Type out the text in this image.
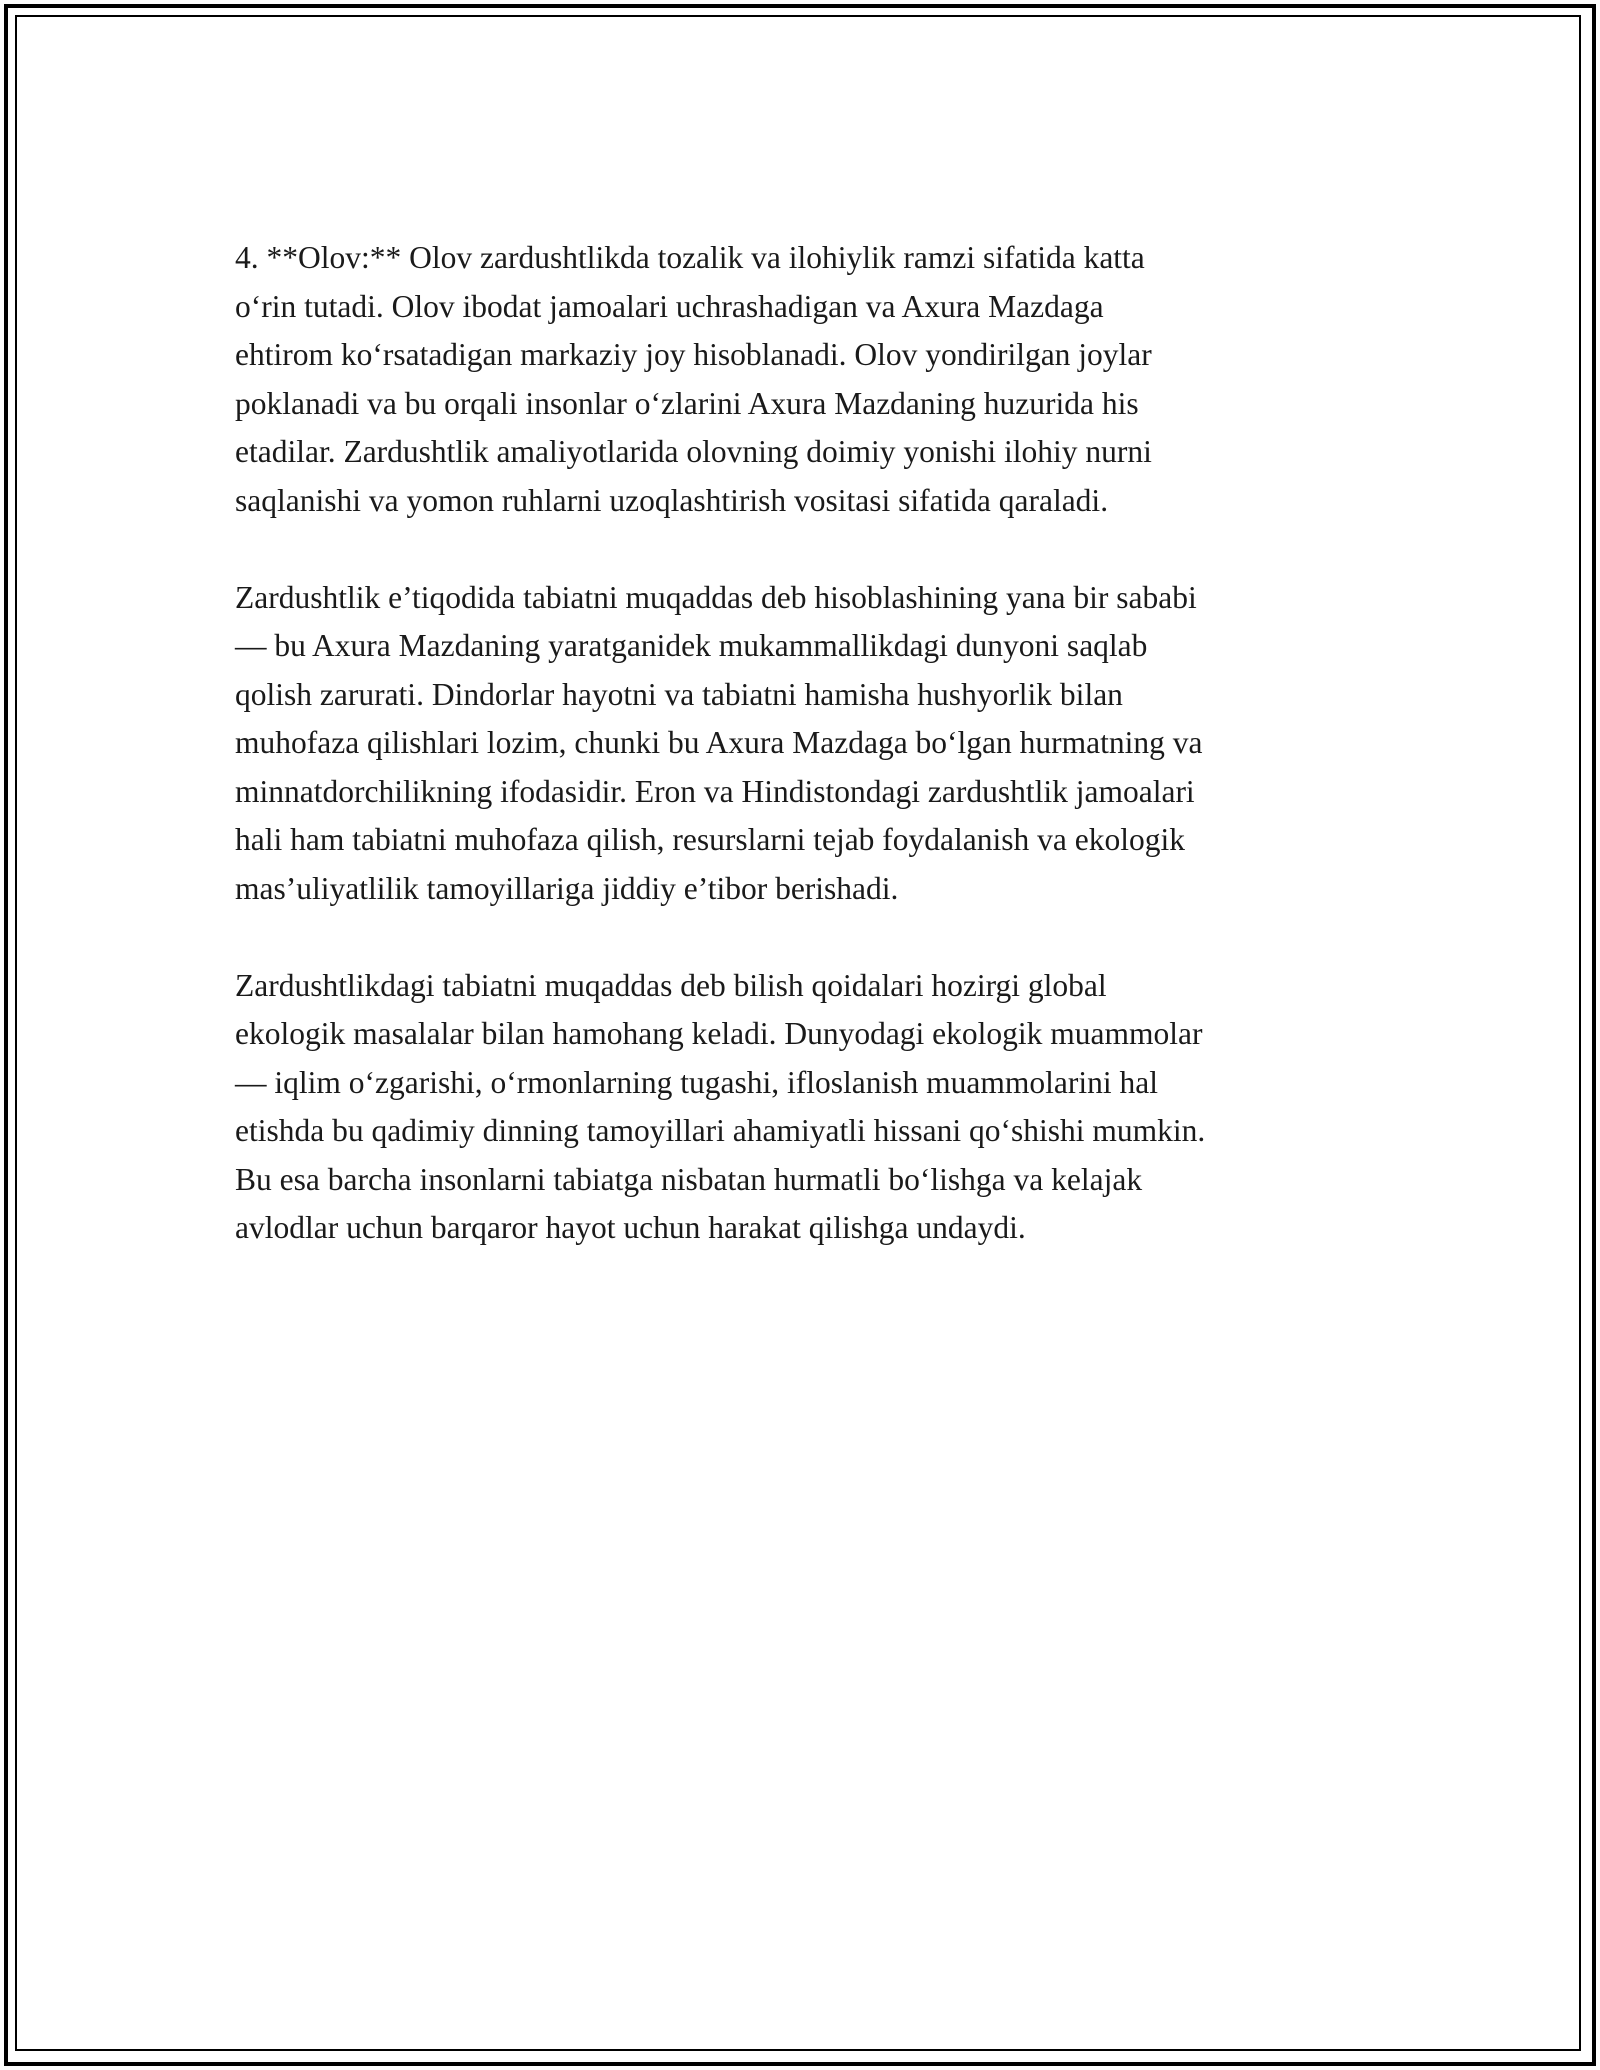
4. **Olov:** Olov zardushtlikda tozalik va ilohiylik ramzi sifatida katta
o‘rin tutadi. Olov ibodat jamoalari uchrashadigan va Axura Mazdaga
ehtirom ko‘rsatadigan markaziy joy hisoblanadi. Olov yondirilgan joylar
poklanadi va bu orqali insonlar o‘zlarini Axura Mazdaning huzurida his
etadilar. Zardushtlik amaliyotlarida olovning doimiy yonishi ilohiy nurni
saqlanishi va yomon ruhlarni uzoqlashtirish vositasi sifatida qaraladi.

Zardushtlik e’tiqodida tabiatni muqaddas deb hisoblashining yana bir sababi
— bu Axura Mazdaning yaratganidek mukammallikdagi dunyoni saqlab
qolish zarurati. Dindorlar hayotni va tabiatni hamisha hushyorlik bilan
muhofaza qilishlari lozim, chunki bu Axura Mazdaga bo‘lgan hurmatning va
minnatdorchilikning ifodasidir. Eron va Hindistondagi zardushtlik jamoalari
hali ham tabiatni muhofaza qilish, resurslarni tejab foydalanish va ekologik
mas’uliyatlilik tamoyillariga jiddiy e’tibor berishadi.

Zardushtlikdagi tabiatni muqaddas deb bilish qoidalari hozirgi global
ekologik masalalar bilan hamohang keladi. Dunyodagi ekologik muammolar
— iqlim o‘zgarishi, o‘rmonlarning tugashi, ifloslanish muammolarini hal
etishda bu qadimiy dinning tamoyillari ahamiyatli hissani qo‘shishi mumkin.
Bu esa barcha insonlarni tabiatga nisbatan hurmatli bo‘lishga va kelajak
avlodlar uchun barqaror hayot uchun harakat qilishga undaydi.
